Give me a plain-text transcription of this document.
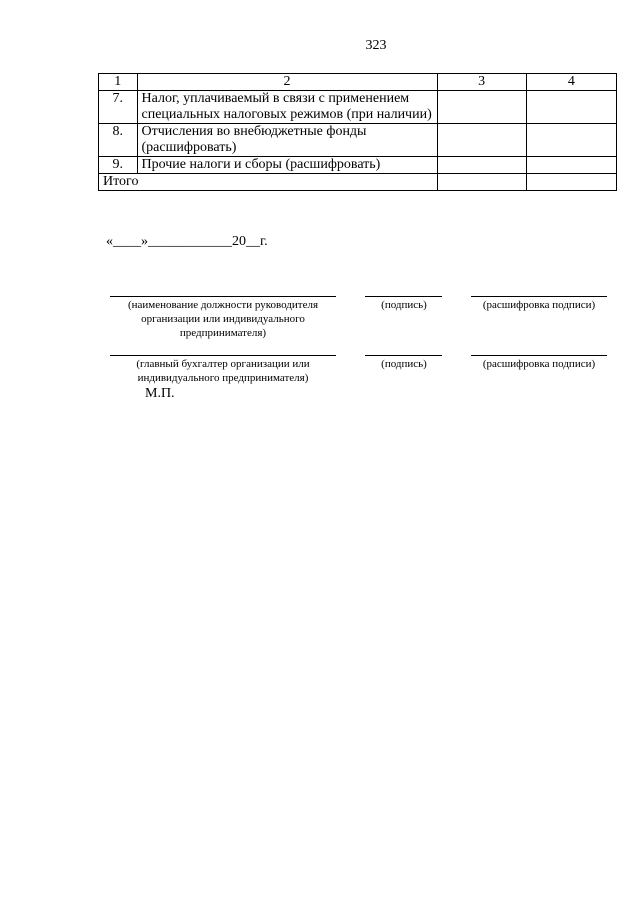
323
1	2	3	4
7.	Налог, уплачиваемый в связи с применением специальных налоговых режимов (при наличии)		
8.	Отчисления во внебюджетные фонды (расшифровать)		
9.	Прочие налоги и сборы (расшифровать)		
Итого			
«____»____________20__г.
(наименование должности руководителя организации или индивидуального предпринимателя)
(подпись)	(расшифровка подписи)
(главный бухгалтер организации или индивидуального предпринимателя)
(подпись)	(расшифровка подписи)
М.П.
